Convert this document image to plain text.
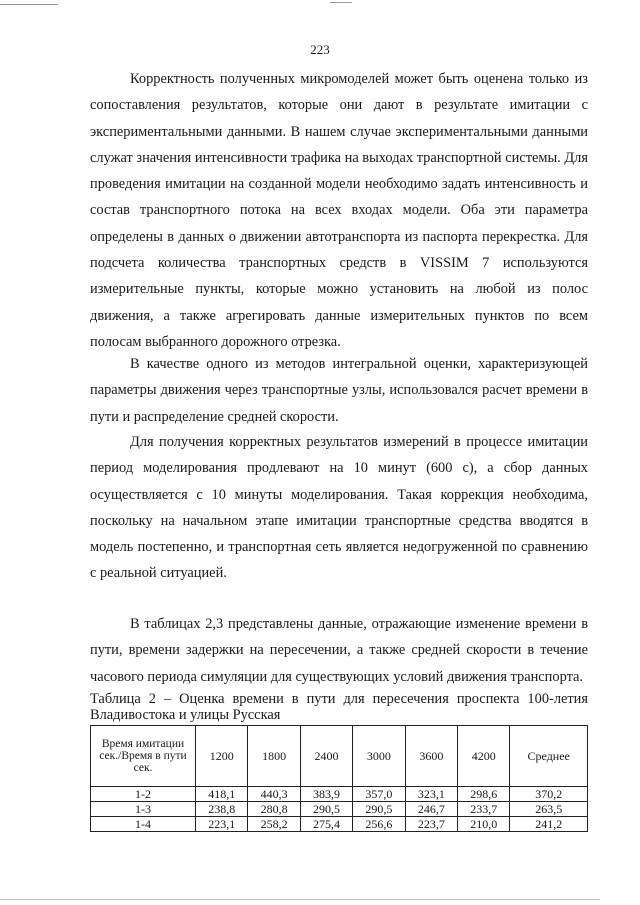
223

Корректность полученных микромоделей может быть оценена только из сопоставления результатов, которые они дают в результате имитации с экспериментальными данными. В нашем случае экспериментальными данными служат значения интенсивности трафика на выходах транспортной системы. Для проведения имитации на созданной модели необходимо задать интенсивность и состав транспортного потока на всех входах модели. Оба эти параметра определены в данных о движении автотранспорта из паспорта перекрестка. Для подсчета количества транспортных средств в VISSIM 7 используются измерительные пункты, которые можно установить на любой из полос движения, а также агрегировать данные измерительных пунктов по всем полосам выбранного дорожного отрезка.

В качестве одного из методов интегральной оценки, характеризующей параметры движения через транспортные узлы, использовался расчет времени в пути и распределение средней скорости.

Для получения корректных результатов измерений в процессе имитации период моделирования продлевают на 10 минут (600 с), а сбор данных осуществляется с 10 минуты моделирования. Такая коррекция необходима, поскольку на начальном этапе имитации транспортные средства вводятся в модель постепенно, и транспортная сеть является недогруженной по сравнению с реальной ситуацией.

В таблицах 2,3 представлены данные, отражающие изменение времени в пути, времени задержки на пересечении, а также средней скорости в течение часового периода симуляции для существующих условий движения транспорта.

Таблица 2 – Оценка времени в пути для пересечения проспекта 100-летия Владивостока и улицы Русская
Время имитации сек./Время в пути сек.	1200	1800	2400	3000	3600	4200	Среднее
1-2	418,1	440,3	383,9	357,0	323,1	298,6	370,2
1-3	238,8	280,8	290,5	290,5	246,7	233,7	263,5
1-4	223,1	258,2	275,4	256,6	223,7	210,0	241,2
